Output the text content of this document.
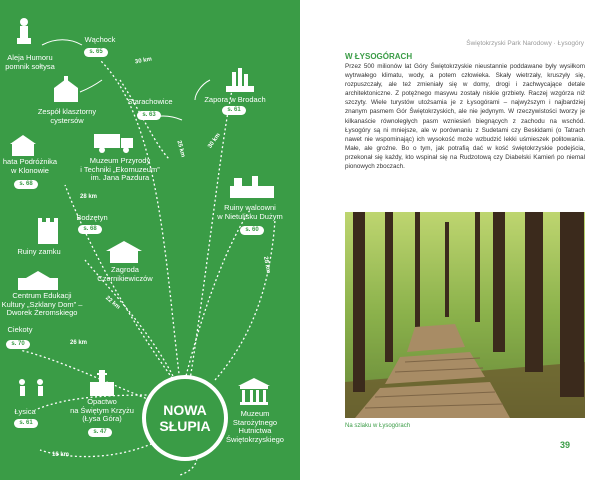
Aleja Humoru
pomnik sołtysa
Wąchock
s. 65
Zespół klasztorny
cystersów
Starachowice
s. 63
Muzeum Przyrody
i Techniki „Ekomuzeum”
im. Jana Pazdura
Zapora w Brodach
s. 61
hata Podróżnika
w Klonowie
s. 68
Ruiny walcowni
w Nietulisku Dużym
s. 60
Bodzętyn
s. 68
Ruiny zamku
Zagroda
Czernikiewiczów
Centrum Edukacji
Kultury „Szklany Dom” –
Dworek Żeromskiego
Ciekoty
s. 70
Łysica
s. 61
Opactwo
na Świętym Krzyżu
(Łysa Góra)
s. 47
Muzeum
Starożytnego
Hutnictwa
Świętokrzyskiego
30 km
25 km	30 km
28 km
28 km
22 km
26 km
16 km
NOWA
SŁUPIA
Świętokrzyski Park Narodowy · Łysogóry
W ŁYSOGÓRACH

Przez 500 milionów lat Góry Świętokrzyskie nieustannie poddawane były wysiłkom wytrwałego klimatu, wody, a potem człowieka. Skały wietrzały, kruszyły się, rozpuszczały, ale też zmieniały się w domy, drogi i zachwycające detale architektoniczne. Z potężnego masywu zostały niskie grzbiety. Raczej wzgórza niż szczyty. Wiele turystów utożsamia je z Łysogórami – najwyższym i najbardziej znanym pasmem Gór Świętokrzyskich, ale nie jedynym. W rzeczywistości tworzy je kilkanaście równoległych pasm wzniesień biegnących z zachodu na wschód. Łysogóry są ni mniejsze, ale w porównaniu z Sudetami czy Beskidami (o Tatrach nawet nie wspominając) ich wysokość może wzbudzić lekki uśmieszek politowania. Małe, ale groźne. Bo o tym, jak potrafią dać w kość świętokrzyskie podejścia, przekonał się każdy, kto wspinał się na Rudzotową czy Diabelski Kamień po niemal pionowych zboczach.

Na szlaku w Łysogórach
39
